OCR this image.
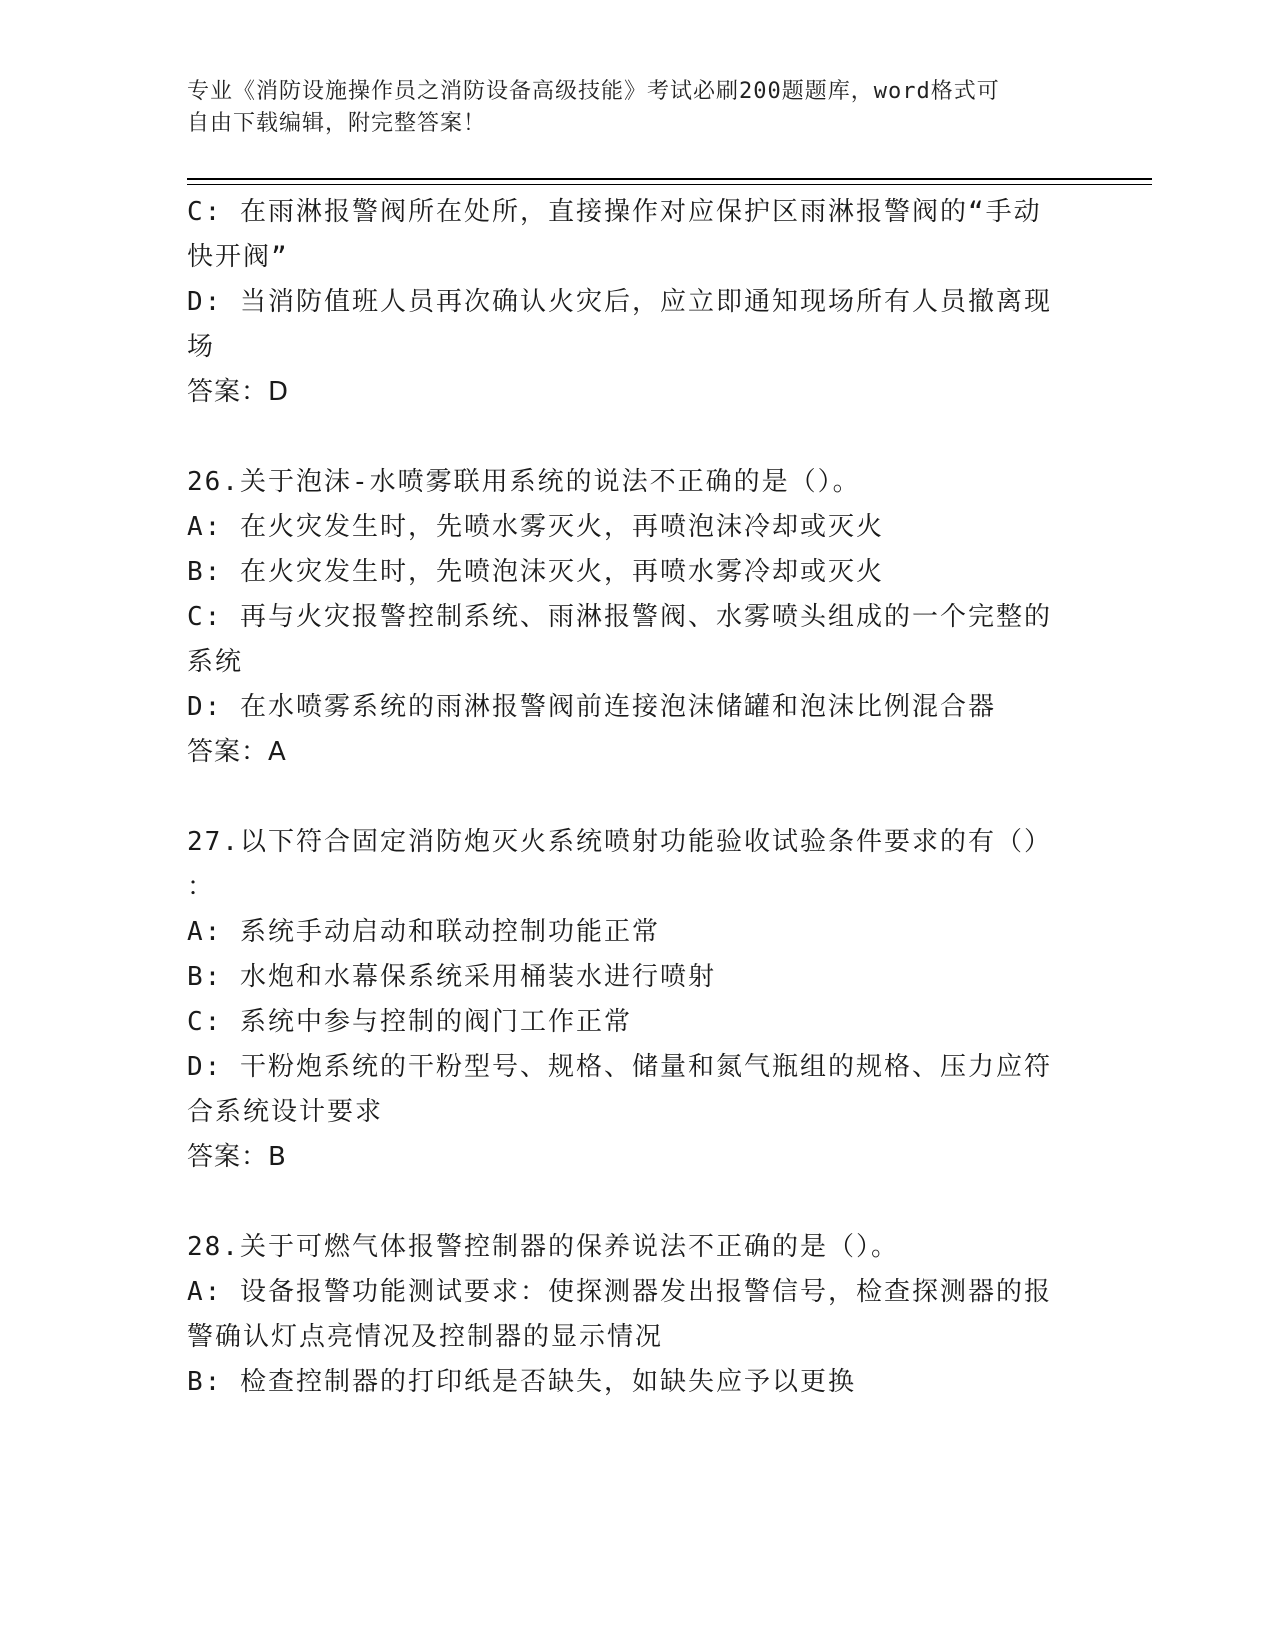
专业《消防设施操作员之消防设备高级技能》考试必刷200题题库，word格式可
自由下载编辑，附完整答案！
C: 在雨淋报警阀所在处所，直接操作对应保护区雨淋报警阀的“手动
快开阀”
D: 当消防值班人员再次确认火灾后，应立即通知现场所有人员撤离现
场
答案：D
26.关于泡沫-水喷雾联用系统的说法不正确的是（）。
A: 在火灾发生时，先喷水雾灭火，再喷泡沫冷却或灭火
B: 在火灾发生时，先喷泡沫灭火，再喷水雾冷却或灭火
C: 再与火灾报警控制系统、雨淋报警阀、水雾喷头组成的一个完整的
系统
D: 在水喷雾系统的雨淋报警阀前连接泡沫储罐和泡沫比例混合器
答案：A
27.以下符合固定消防炮灭火系统喷射功能验收试验条件要求的有（）
：
A: 系统手动启动和联动控制功能正常
B: 水炮和水幕保系统采用桶装水进行喷射
C: 系统中参与控制的阀门工作正常
D: 干粉炮系统的干粉型号、规格、储量和氮气瓶组的规格、压力应符
合系统设计要求
答案：B
28.关于可燃气体报警控制器的保养说法不正确的是（）。
A: 设备报警功能测试要求：使探测器发出报警信号，检查探测器的报
警确认灯点亮情况及控制器的显示情况
B: 检查控制器的打印纸是否缺失，如缺失应予以更换
